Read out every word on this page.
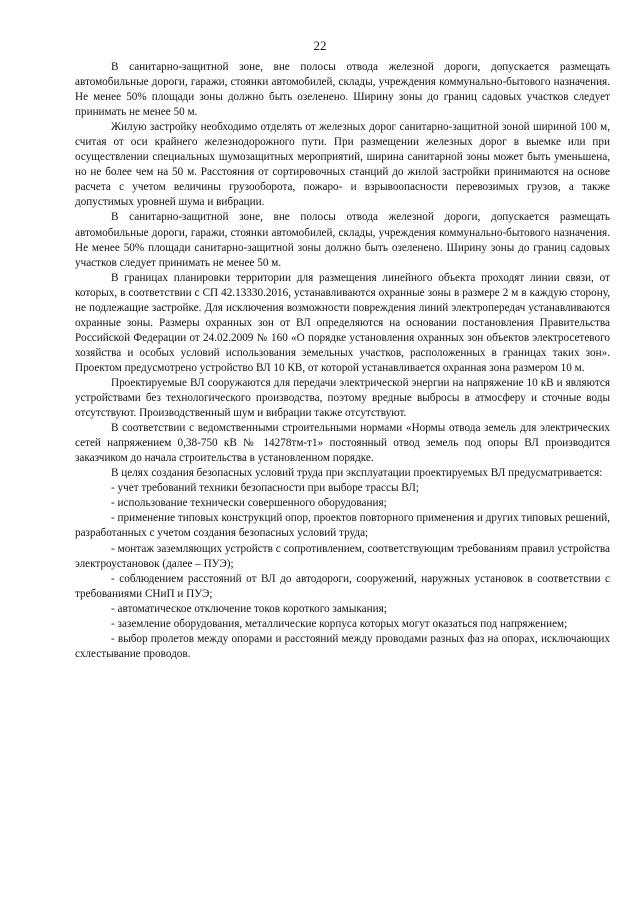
22

В санитарно-защитной зоне, вне полосы отвода железной дороги, допускается размещать автомобильные дороги, гаражи, стоянки автомобилей, склады, учреждения коммунально-бытового назначения. Не менее 50% площади зоны должно быть озеленено. Ширину зоны до границ садовых участков следует принимать не менее 50 м.

Жилую застройку необходимо отделять от железных дорог санитарно-защитной зоной шириной 100 м, считая от оси крайнего железнодорожного пути. При размещении железных дорог в выемке или при осуществлении специальных шумозащитных мероприятий, ширина санитарной зоны может быть уменьшена, но не более чем на 50 м. Расстояния от сортировочных станций до жилой застройки принимаются на основе расчета с учетом величины грузооборота, пожаро- и взрывоопасности перевозимых грузов, а также допустимых уровней шума и вибрации.

В санитарно-защитной зоне, вне полосы отвода железной дороги, допускается размещать автомобильные дороги, гаражи, стоянки автомобилей, склады, учреждения коммунально-бытового назначения. Не менее 50% площади санитарно-защитной зоны должно быть озеленено. Ширину зоны до границ садовых участков следует принимать не менее 50 м.

В границах планировки территории для размещения линейного объекта проходят линии связи, от которых, в соответствии с СП 42.13330.2016, устанавливаются охранные зоны в размере 2 м в каждую сторону, не подлежащие застройке. Для исключения возможности повреждения линий электропередач устанавливаются охранные зоны. Размеры охранных зон от ВЛ определяются на основании постановления Правительства Российской Федерации от 24.02.2009 № 160 «О порядке установления охранных зон объектов электросетевого хозяйства и особых условий использования земельных участков, расположенных в границах таких зон». Проектом предусмотрено устройство ВЛ 10 КВ, от которой устанавливается охранная зона размером 10 м.

Проектируемые ВЛ сооружаются для передачи электрической энергии на напряжение 10 кВ и являются устройствами без технологического производства, поэтому вредные выбросы в атмосферу и сточные воды отсутствуют. Производственный шум и вибрации также отсутствуют.

В соответствии с ведомственными строительными нормами «Нормы отвода земель для электрических сетей напряжением 0,38-750 кВ № 14278тм-т1» постоянный отвод земель под опоры ВЛ производится заказчиком до начала строительства в установленном порядке.

В целях создания безопасных условий труда при эксплуатации проектируемых ВЛ предусматривается:

- учет требований техники безопасности при выборе трассы ВЛ;

- использование технически совершенного оборудования;

- применение типовых конструкций опор, проектов повторного применения и других типовых решений, разработанных с учетом создания безопасных условий труда;

- монтаж заземляющих устройств с сопротивлением, соответствующим требованиям правил устройства электроустановок (далее – ПУЭ);

- соблюдением расстояний от ВЛ до автодороги, сооружений, наружных установок в соответствии с требованиями СНиП и ПУЭ;

- автоматическое отключение токов короткого замыкания;

- заземление оборудования, металлические корпуса которых могут оказаться под напряжением;

- выбор пролетов между опорами и расстояний между проводами разных фаз на опорах, исключающих схлестывание проводов.
